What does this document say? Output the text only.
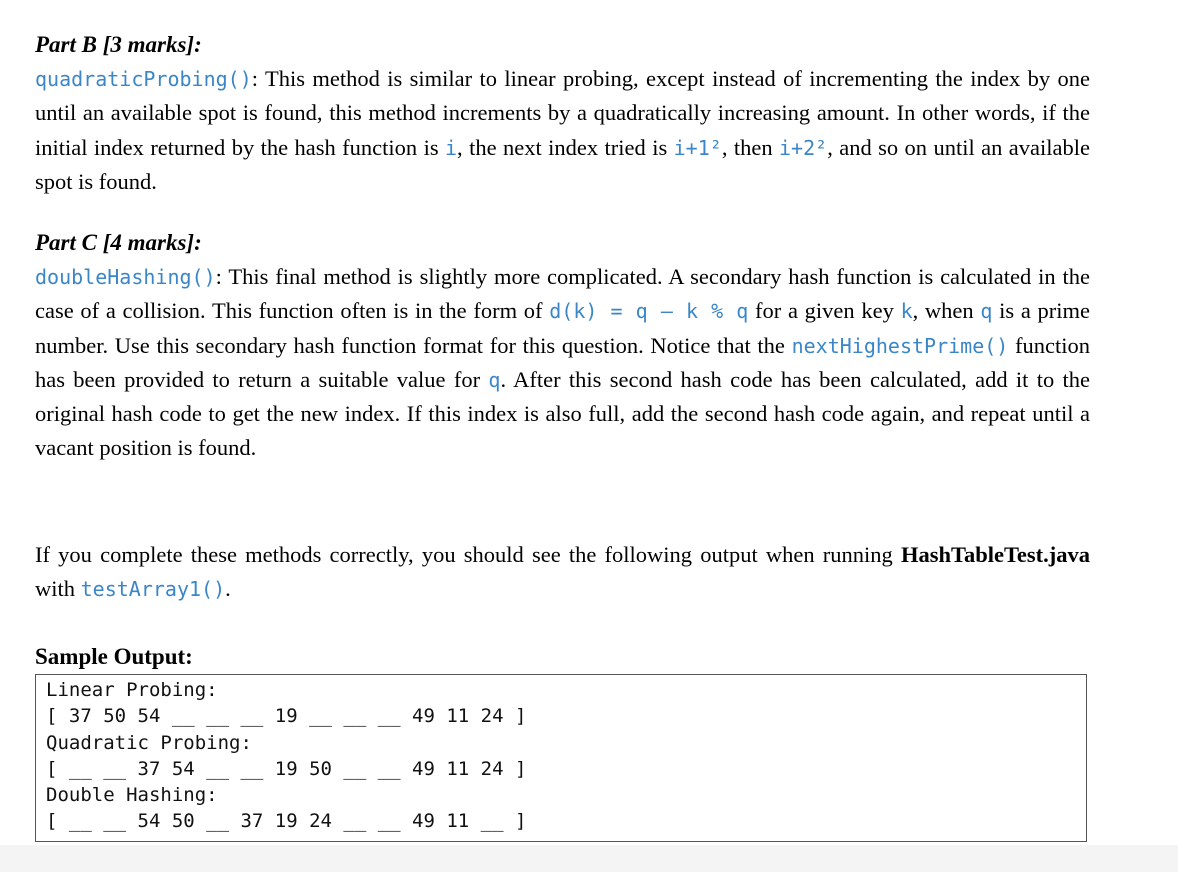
Part B [3 marks]:

quadraticProbing(): This method is similar to linear probing, except instead of incrementing the index by one until an available spot is found, this method increments by a quadratically increasing amount. In other words, if the initial index returned by the hash function is i, the next index tried is i+1², then i+2², and so on until an available spot is found.

Part C [4 marks]:

doubleHashing(): This final method is slightly more complicated. A secondary hash function is calculated in the case of a collision. This function often is in the form of d(k) = q – k % q for a given key k, when q is a prime number. Use this secondary hash function format for this question. Notice that the nextHighestPrime() function has been provided to return a suitable value for q. After this second hash code has been calculated, add it to the original hash code to get the new index. If this index is also full, add the second hash code again, and repeat until a vacant position is found.

If you complete these methods correctly, you should see the following output when running HashTableTest.java with testArray1().

Sample Output:

Linear Probing:

[ 37 50 54 __ __ __ 19 __ __ __ 49 11 24 ]

Quadratic Probing:

[ __ __ 37 54 __ __ 19 50 __ __ 49 11 24 ]

Double Hashing:

[ __ __ 54 50 __ 37 19 24 __ __ 49 11 __ ]
